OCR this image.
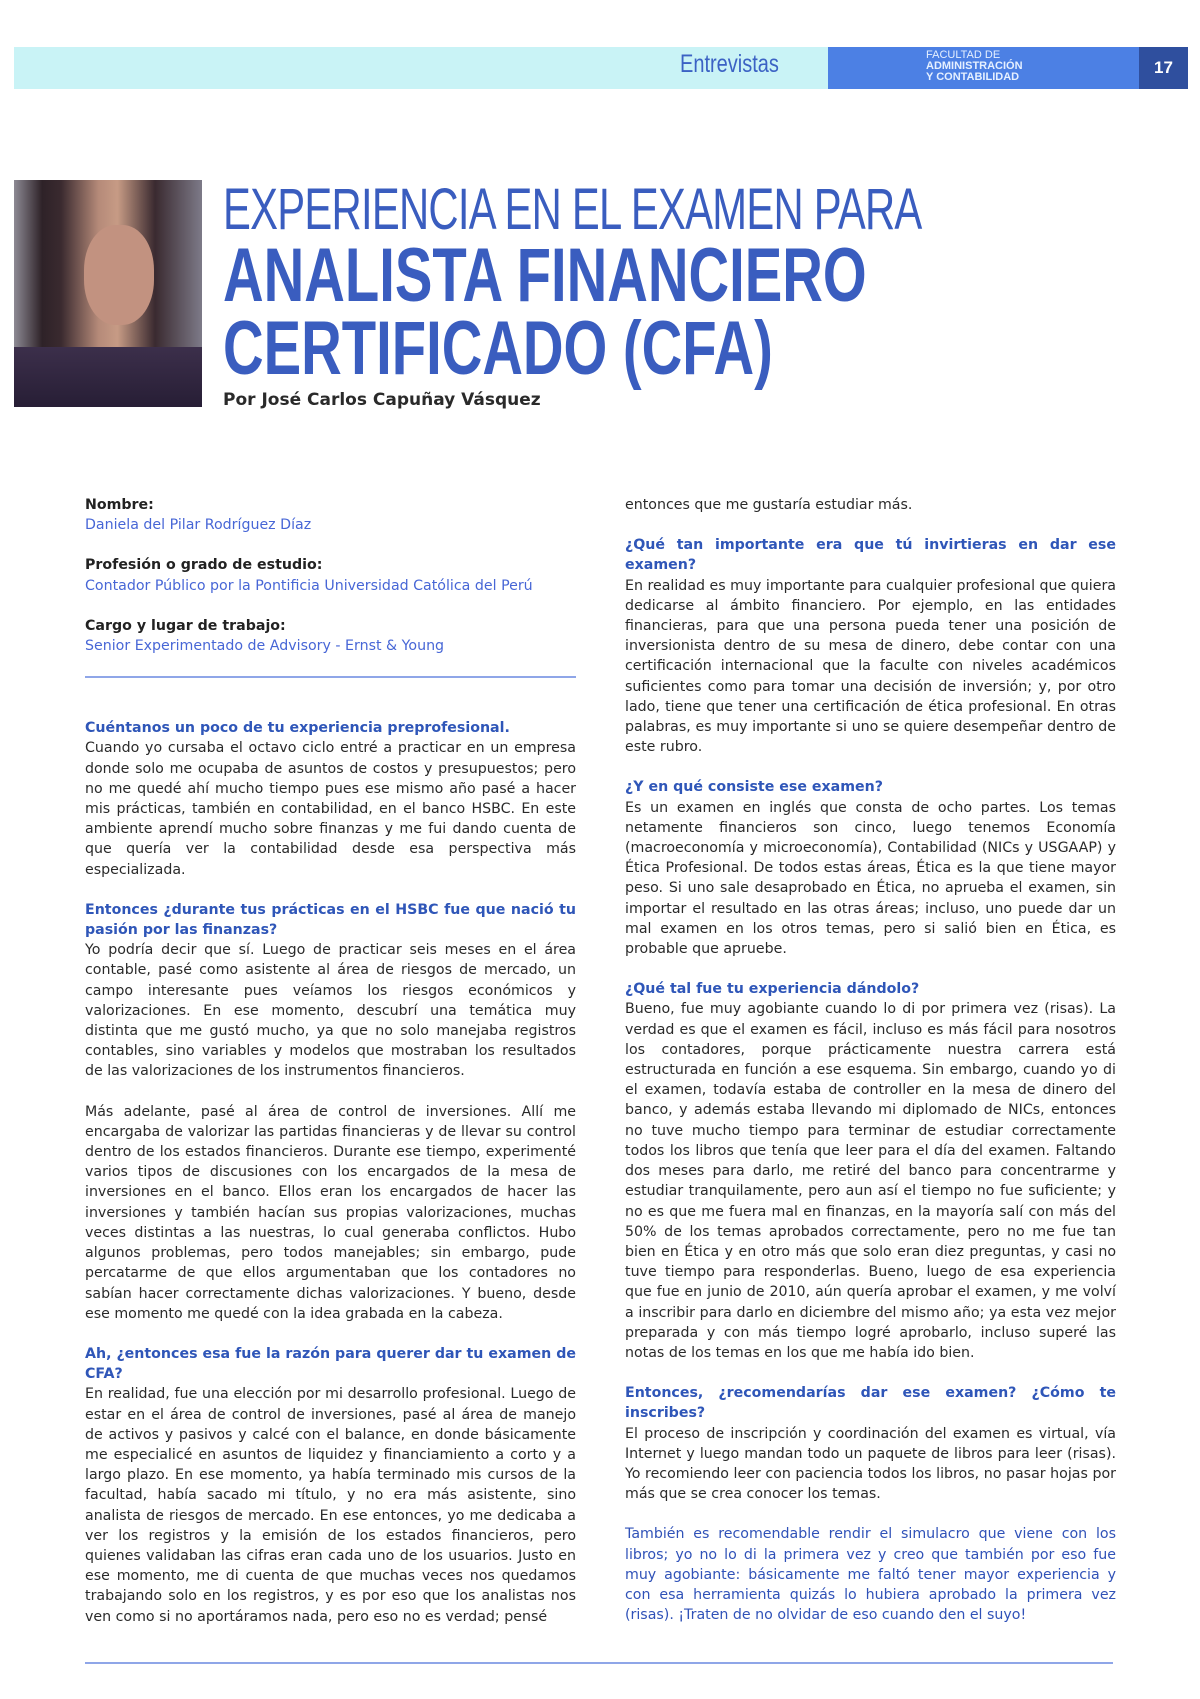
Entrevistas	FACULTAD DE
ADMINISTRACIÓN
Y CONTABILIDAD	17
EXPERIENCIA EN EL EXAMEN PARA
ANALISTA FINANCIERO
CERTIFICADO (CFA)
Por José Carlos Capuñay Vásquez
Nombre:
Daniela del Pilar Rodríguez Díaz
Profesión o grado de estudio:
Contador Público por la Pontificia Universidad Católica del Perú
Cargo y lugar de trabajo:
Senior Experimentado de Advisory - Ernst & Young
Cuéntanos un poco de tu experiencia preprofesional.

Cuando yo cursaba el octavo ciclo entré a practicar en un empresa donde solo me ocupaba de asuntos de costos y presupuestos; pero no me quedé ahí mucho tiempo pues ese mismo año pasé a hacer mis prácticas, también en contabilidad, en el banco HSBC. En este ambiente aprendí mucho sobre finanzas y me fui dando cuenta de que quería ver la contabilidad desde esa perspectiva más especializada.

Entonces ¿durante tus prácticas en el HSBC fue que nació tu pasión por las finanzas?

Yo podría decir que sí. Luego de practicar seis meses en el área contable, pasé como asistente al área de riesgos de mercado, un campo interesante pues veíamos los riesgos económicos y valorizaciones. En ese momento, descubrí una temática muy distinta que me gustó mucho, ya que no solo manejaba registros contables, sino variables y modelos que mostraban los resultados de las valorizaciones de los instrumentos financieros.

Más adelante, pasé al área de control de inversiones. Allí me encargaba de valorizar las partidas financieras y de llevar su control dentro de los estados financieros. Durante ese tiempo, experimenté varios tipos de discusiones con los encargados de la mesa de inversiones en el banco. Ellos eran los encargados de hacer las inversiones y también hacían sus propias valorizaciones, muchas veces distintas a las nuestras, lo cual generaba conflictos. Hubo algunos problemas, pero todos manejables; sin embargo, pude percatarme de que ellos argumentaban que los contadores no sabían hacer correctamente dichas valorizaciones. Y bueno, desde ese momento me quedé con la idea grabada en la cabeza.

Ah, ¿entonces esa fue la razón para querer dar tu examen de CFA?

En realidad, fue una elección por mi desarrollo profesional. Luego de estar en el área de control de inversiones, pasé al área de manejo de activos y pasivos y calcé con el balance, en donde básicamente me especialicé en asuntos de liquidez y financiamiento a corto y a largo plazo. En ese momento, ya había terminado mis cursos de la facultad, había sacado mi título, y no era más asistente, sino analista de riesgos de mercado. En ese entonces, yo me dedicaba a ver los registros y la emisión de los estados financieros, pero quienes validaban las cifras eran cada uno de los usuarios. Justo en ese momento, me di cuenta de que muchas veces nos quedamos trabajando solo en los registros, y es por eso que los analistas nos ven como si no aportáramos nada, pero eso no es verdad; pensé

entonces que me gustaría estudiar más.

¿Qué tan importante era que tú invirtieras en dar ese examen?

En realidad es muy importante para cualquier profesional que quiera dedicarse al ámbito financiero. Por ejemplo, en las entidades financieras, para que una persona pueda tener una posición de inversionista dentro de su mesa de dinero, debe contar con una certificación internacional que la faculte con niveles académicos suficientes como para tomar una decisión de inversión; y, por otro lado, tiene que tener una certificación de ética profesional. En otras palabras, es muy importante si uno se quiere desempeñar dentro de este rubro.

¿Y en qué consiste ese examen?

Es un examen en inglés que consta de ocho partes. Los temas netamente financieros son cinco, luego tenemos Economía (macroeconomía y microeconomía), Contabilidad (NICs y USGAAP) y Ética Profesional. De todos estas áreas, Ética es la que tiene mayor peso. Si uno sale desaprobado en Ética, no aprueba el examen, sin importar el resultado en las otras áreas; incluso, uno puede dar un mal examen en los otros temas, pero si salió bien en Ética, es probable que apruebe.

¿Qué tal fue tu experiencia dándolo?

Bueno, fue muy agobiante cuando lo di por primera vez (risas). La verdad es que el examen es fácil, incluso es más fácil para nosotros los contadores, porque prácticamente nuestra carrera está estructurada en función a ese esquema. Sin embargo, cuando yo di el examen, todavía estaba de controller en la mesa de dinero del banco, y además estaba llevando mi diplomado de NICs, entonces no tuve mucho tiempo para terminar de estudiar correctamente todos los libros que tenía que leer para el día del examen. Faltando dos meses para darlo, me retiré del banco para concentrarme y estudiar tranquilamente, pero aun así el tiempo no fue suficiente; y no es que me fuera mal en finanzas, en la mayoría salí con más del 50% de los temas aprobados correctamente, pero no me fue tan bien en Ética y en otro más que solo eran diez preguntas, y casi no tuve tiempo para responderlas. Bueno, luego de esa experiencia que fue en junio de 2010, aún quería aprobar el examen, y me volví a inscribir para darlo en diciembre del mismo año; ya esta vez mejor preparada y con más tiempo logré aprobarlo, incluso superé las notas de los temas en los que me había ido bien.

Entonces, ¿recomendarías dar ese examen? ¿Cómo te inscribes?

El proceso de inscripción y coordinación del examen es virtual, vía Internet y luego mandan todo un paquete de libros para leer (risas). Yo recomiendo leer con paciencia todos los libros, no pasar hojas por más que se crea conocer los temas.

También es recomendable rendir el simulacro que viene con los libros; yo no lo di la primera vez y creo que también por eso fue muy agobiante: básicamente me faltó tener mayor experiencia y con esa herramienta quizás lo hubiera aprobado la primera vez (risas). ¡Traten de no olvidar de eso cuando den el suyo!
